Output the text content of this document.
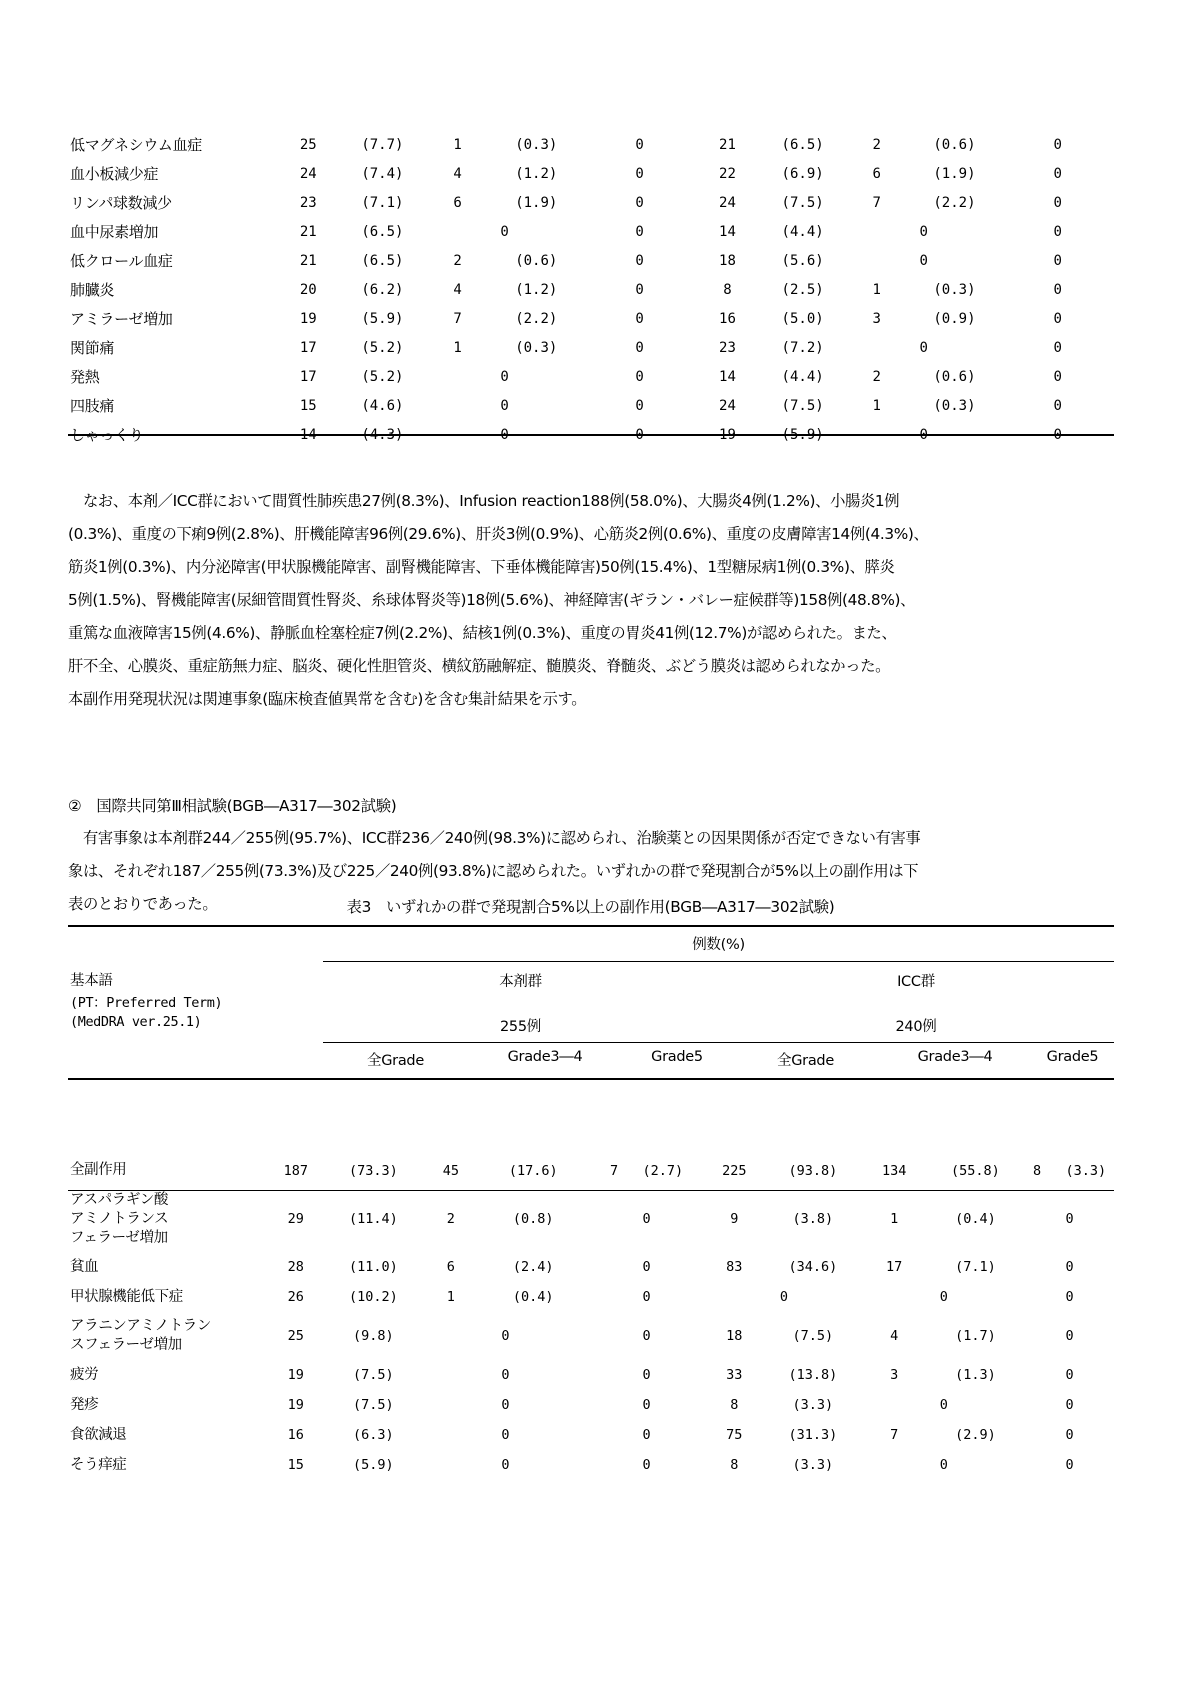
低マグネシウム血症	25	(7.7)	1	(0.3)	0	21	(6.5)	2	(0.6)	0
血小板減少症	24	(7.4)	4	(1.2)	0	22	(6.9)	6	(1.9)	0
リンパ球数減少	23	(7.1)	6	(1.9)	0	24	(7.5)	7	(2.2)	0
血中尿素増加	21	(6.5)	0		0	14	(4.4)	0		0
低クロール血症	21	(6.5)	2	(0.6)	0	18	(5.6)	0		0
肺臓炎	20	(6.2)	4	(1.2)	0	8	(2.5)	1	(0.3)	0
アミラーゼ増加	19	(5.9)	7	(2.2)	0	16	(5.0)	3	(0.9)	0
関節痛	17	(5.2)	1	(0.3)	0	23	(7.2)	0		0
発熱	17	(5.2)	0		0	14	(4.4)	2	(0.6)	0
四肢痛	15	(4.6)	0		0	24	(7.5)	1	(0.3)	0
しゃっくり	14	(4.3)	0		0	19	(5.9)	0		0
　なお、本剤／ICC群において間質性肺疾患27例(8.3%)、Infusion reaction188例(58.0%)、大腸炎4例(1.2%)、小腸炎1例
(0.3%)、重度の下痢9例(2.8%)、肝機能障害96例(29.6%)、肝炎3例(0.9%)、心筋炎2例(0.6%)、重度の皮膚障害14例(4.3%)、
筋炎1例(0.3%)、内分泌障害(甲状腺機能障害、副腎機能障害、下垂体機能障害)50例(15.4%)、1型糖尿病1例(0.3%)、膵炎
5例(1.5%)、腎機能障害(尿細管間質性腎炎、糸球体腎炎等)18例(5.6%)、神経障害(ギラン・バレー症候群等)158例(48.8%)、
重篤な血液障害15例(4.6%)、静脈血栓塞栓症7例(2.2%)、結核1例(0.3%)、重度の胃炎41例(12.7%)が認められた。また、
肝不全、心膜炎、重症筋無力症、脳炎、硬化性胆管炎、横紋筋融解症、髄膜炎、脊髄炎、ぶどう膜炎は認められなかった。
本副作用発現状況は関連事象(臨床検査値異常を含む)を含む集計結果を示す。
②　国際共同第Ⅲ相試験(BGB―A317―302試験)
　有害事象は本剤群244／255例(95.7%)、ICC群236／240例(98.3%)に認められ、治験薬との因果関係が否定できない有害事
象は、それぞれ187／255例(73.3%)及び225／240例(93.8%)に認められた。いずれかの群で発現割合が5%以上の副作用は下
表のとおりであった。	表3　いずれかの群で発現割合5%以上の副作用(BGB―A317―302試験)
例数(%)
基本語
(PT：Preferred Term)
(MedDRA ver.25.1)
本剤群	ICC群
255例	240例
全Grade	Grade3―4	Grade5	全Grade	Grade3―4	Grade5
全副作用	187	(73.3)	45	(17.6)	7   (2.7)	225	(93.8)	134	(55.8)	8   (3.3)

アスパラギン酸
アミノトランス
フェラーゼ増加	29	(11.4)	2	(0.8)	0	9	(3.8)	1	(0.4)	0

貧血	28	(11.0)	6	(2.4)	0	83	(34.6)	17	(7.1)	0

甲状腺機能低下症	26	(10.2)	1	(0.4)	0	0		0		0

アラニンアミノトラン
スフェラーゼ増加	25	(9.8)	0		0	18	(7.5)	4	(1.7)	0

疲労	19	(7.5)	0		0	33	(13.8)	3	(1.3)	0

発疹	19	(7.5)	0		0	8	(3.3)	0		0

食欲減退	16	(6.3)	0		0	75	(31.3)	7	(2.9)	0

そう痒症	15	(5.9)	0		0	8	(3.3)	0		0
